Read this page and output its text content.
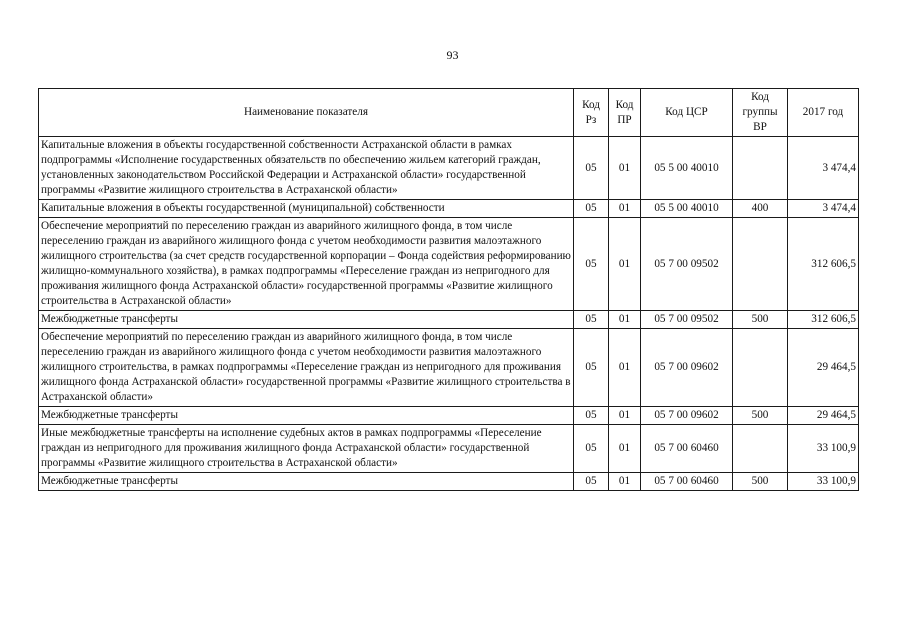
93
Наименование показателя	Код Рз	Код ПР	Код ЦСР	Код группы ВР	2017 год
Капитальные вложения в объекты государственной собственности Астраханской области в рамках подпрограммы «Исполнение государственных обязательств по обеспечению жильем категорий граждан, установленных законодательством Российской Федерации и Астраханской области» государственной программы «Развитие жилищного строительства в Астраханской области»	05	01	05 5 00 40010		3 474,4
Капитальные вложения в объекты государственной (муниципальной) собственности	05	01	05 5 00 40010	400	3 474,4
Обеспечение мероприятий по переселению граждан из аварийного жилищного фонда, в том числе переселению граждан из аварийного жилищного фонда с учетом необходимости развития малоэтажного жилищного строительства (за счет средств государственной корпорации – Фонда содействия реформированию жилищно-коммунального хозяйства), в рамках подпрограммы «Переселение граждан из непригодного для проживания жилищного фонда Астраханской области» государственной программы «Развитие жилищного строительства в Астраханской области»	05	01	05 7 00 09502		312 606,5
Межбюджетные трансферты	05	01	05 7 00 09502	500	312 606,5
Обеспечение мероприятий по переселению граждан из аварийного жилищного фонда, в том числе переселению граждан из аварийного жилищного фонда с учетом необходимости развития малоэтажного жилищного строительства, в рамках подпрограммы «Переселение граждан из непригодного для проживания жилищного фонда Астраханской области» государственной программы «Развитие жилищного строительства в Астраханской области»	05	01	05 7 00 09602		29 464,5
Межбюджетные трансферты	05	01	05 7 00 09602	500	29 464,5
Иные межбюджетные трансферты на исполнение судебных актов в рамках подпрограммы «Переселение граждан из непригодного для проживания жилищного фонда Астраханской области» государственной программы «Развитие жилищного строительства в Астраханской области»	05	01	05 7 00 60460		33 100,9
Межбюджетные трансферты	05	01	05 7 00 60460	500	33 100,9
